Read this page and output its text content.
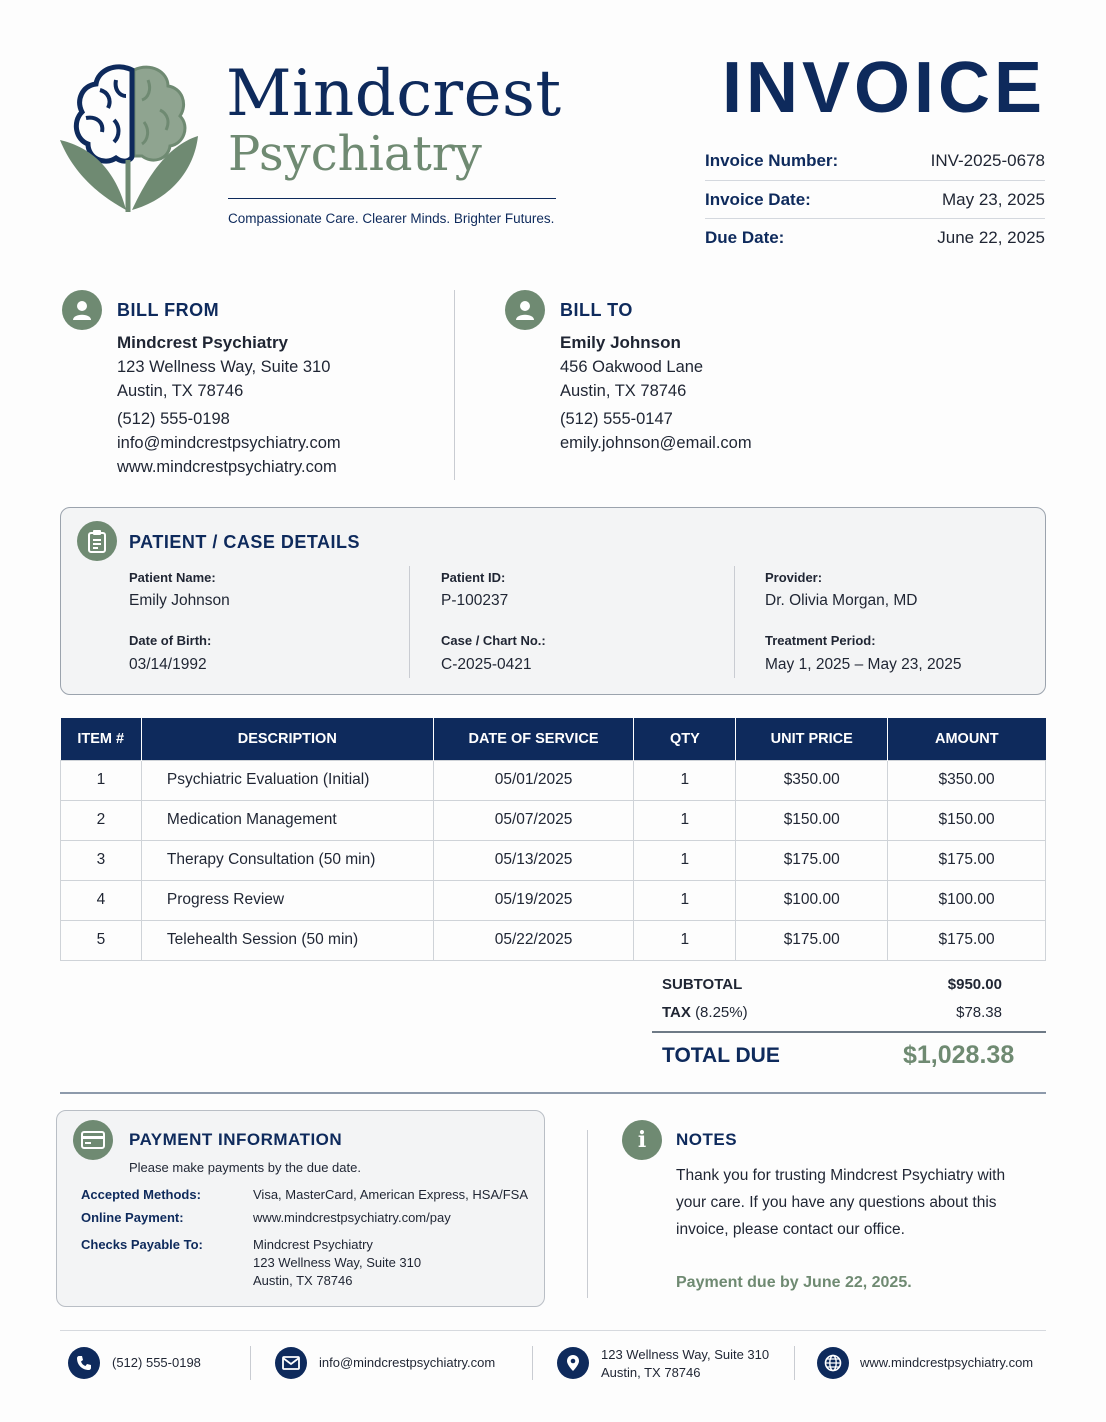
Mindcrest
Psychiatry
Compassionate Care. Clearer Minds. Brighter Futures.
INVOICE
Invoice Number:	INV-2025-0678
Invoice Date:	May 23, 2025
Due Date:	June 22, 2025
BILL FROM
Mindcrest Psychiatry
123 Wellness Way, Suite 310
Austin, TX 78746
(512) 555-0198
info@mindcrestpsychiatry.com
www.mindcrestpsychiatry.com
BILL TO
Emily Johnson
456 Oakwood Lane
Austin, TX 78746
(512) 555-0147
emily.johnson@email.com
PATIENT / CASE DETAILS
Patient Name:
Emily Johnson
Date of Birth:
03/14/1992
Patient ID:
P-100237
Case / Chart No.:
C-2025-0421
Provider:
Dr. Olivia Morgan, MD
Treatment Period:
May 1, 2025 – May 23, 2025
ITEM #	DESCRIPTION	DATE OF SERVICE	QTY	UNIT PRICE	AMOUNT
1	Psychiatric Evaluation (Initial)	05/01/2025	1	$350.00	$350.00
2	Medication Management	05/07/2025	1	$150.00	$150.00
3	Therapy Consultation (50 min)	05/13/2025	1	$175.00	$175.00
4	Progress Review	05/19/2025	1	$100.00	$100.00
5	Telehealth Session (50 min)	05/22/2025	1	$175.00	$175.00
SUBTOTAL	$950.00
TAX (8.25%)	$78.38
TOTAL DUE	$1,028.38
PAYMENT INFORMATION
Please make payments by the due date.
Accepted Methods:	Visa, MasterCard, American Express, HSA/FSA
Online Payment:	www.mindcrestpsychiatry.com/pay
Checks Payable To:	Mindcrest Psychiatry
123 Wellness Way, Suite 310
Austin, TX 78746
i NOTES
Thank you for trusting Mindcrest Psychiatry with your care. If you have any questions about this invoice, please contact our office.
Payment due by June 22, 2025.
(512) 555-0198	info@mindcrestpsychiatry.com
123 Wellness Way, Suite 310
Austin, TX 78746
www.mindcrestpsychiatry.com
